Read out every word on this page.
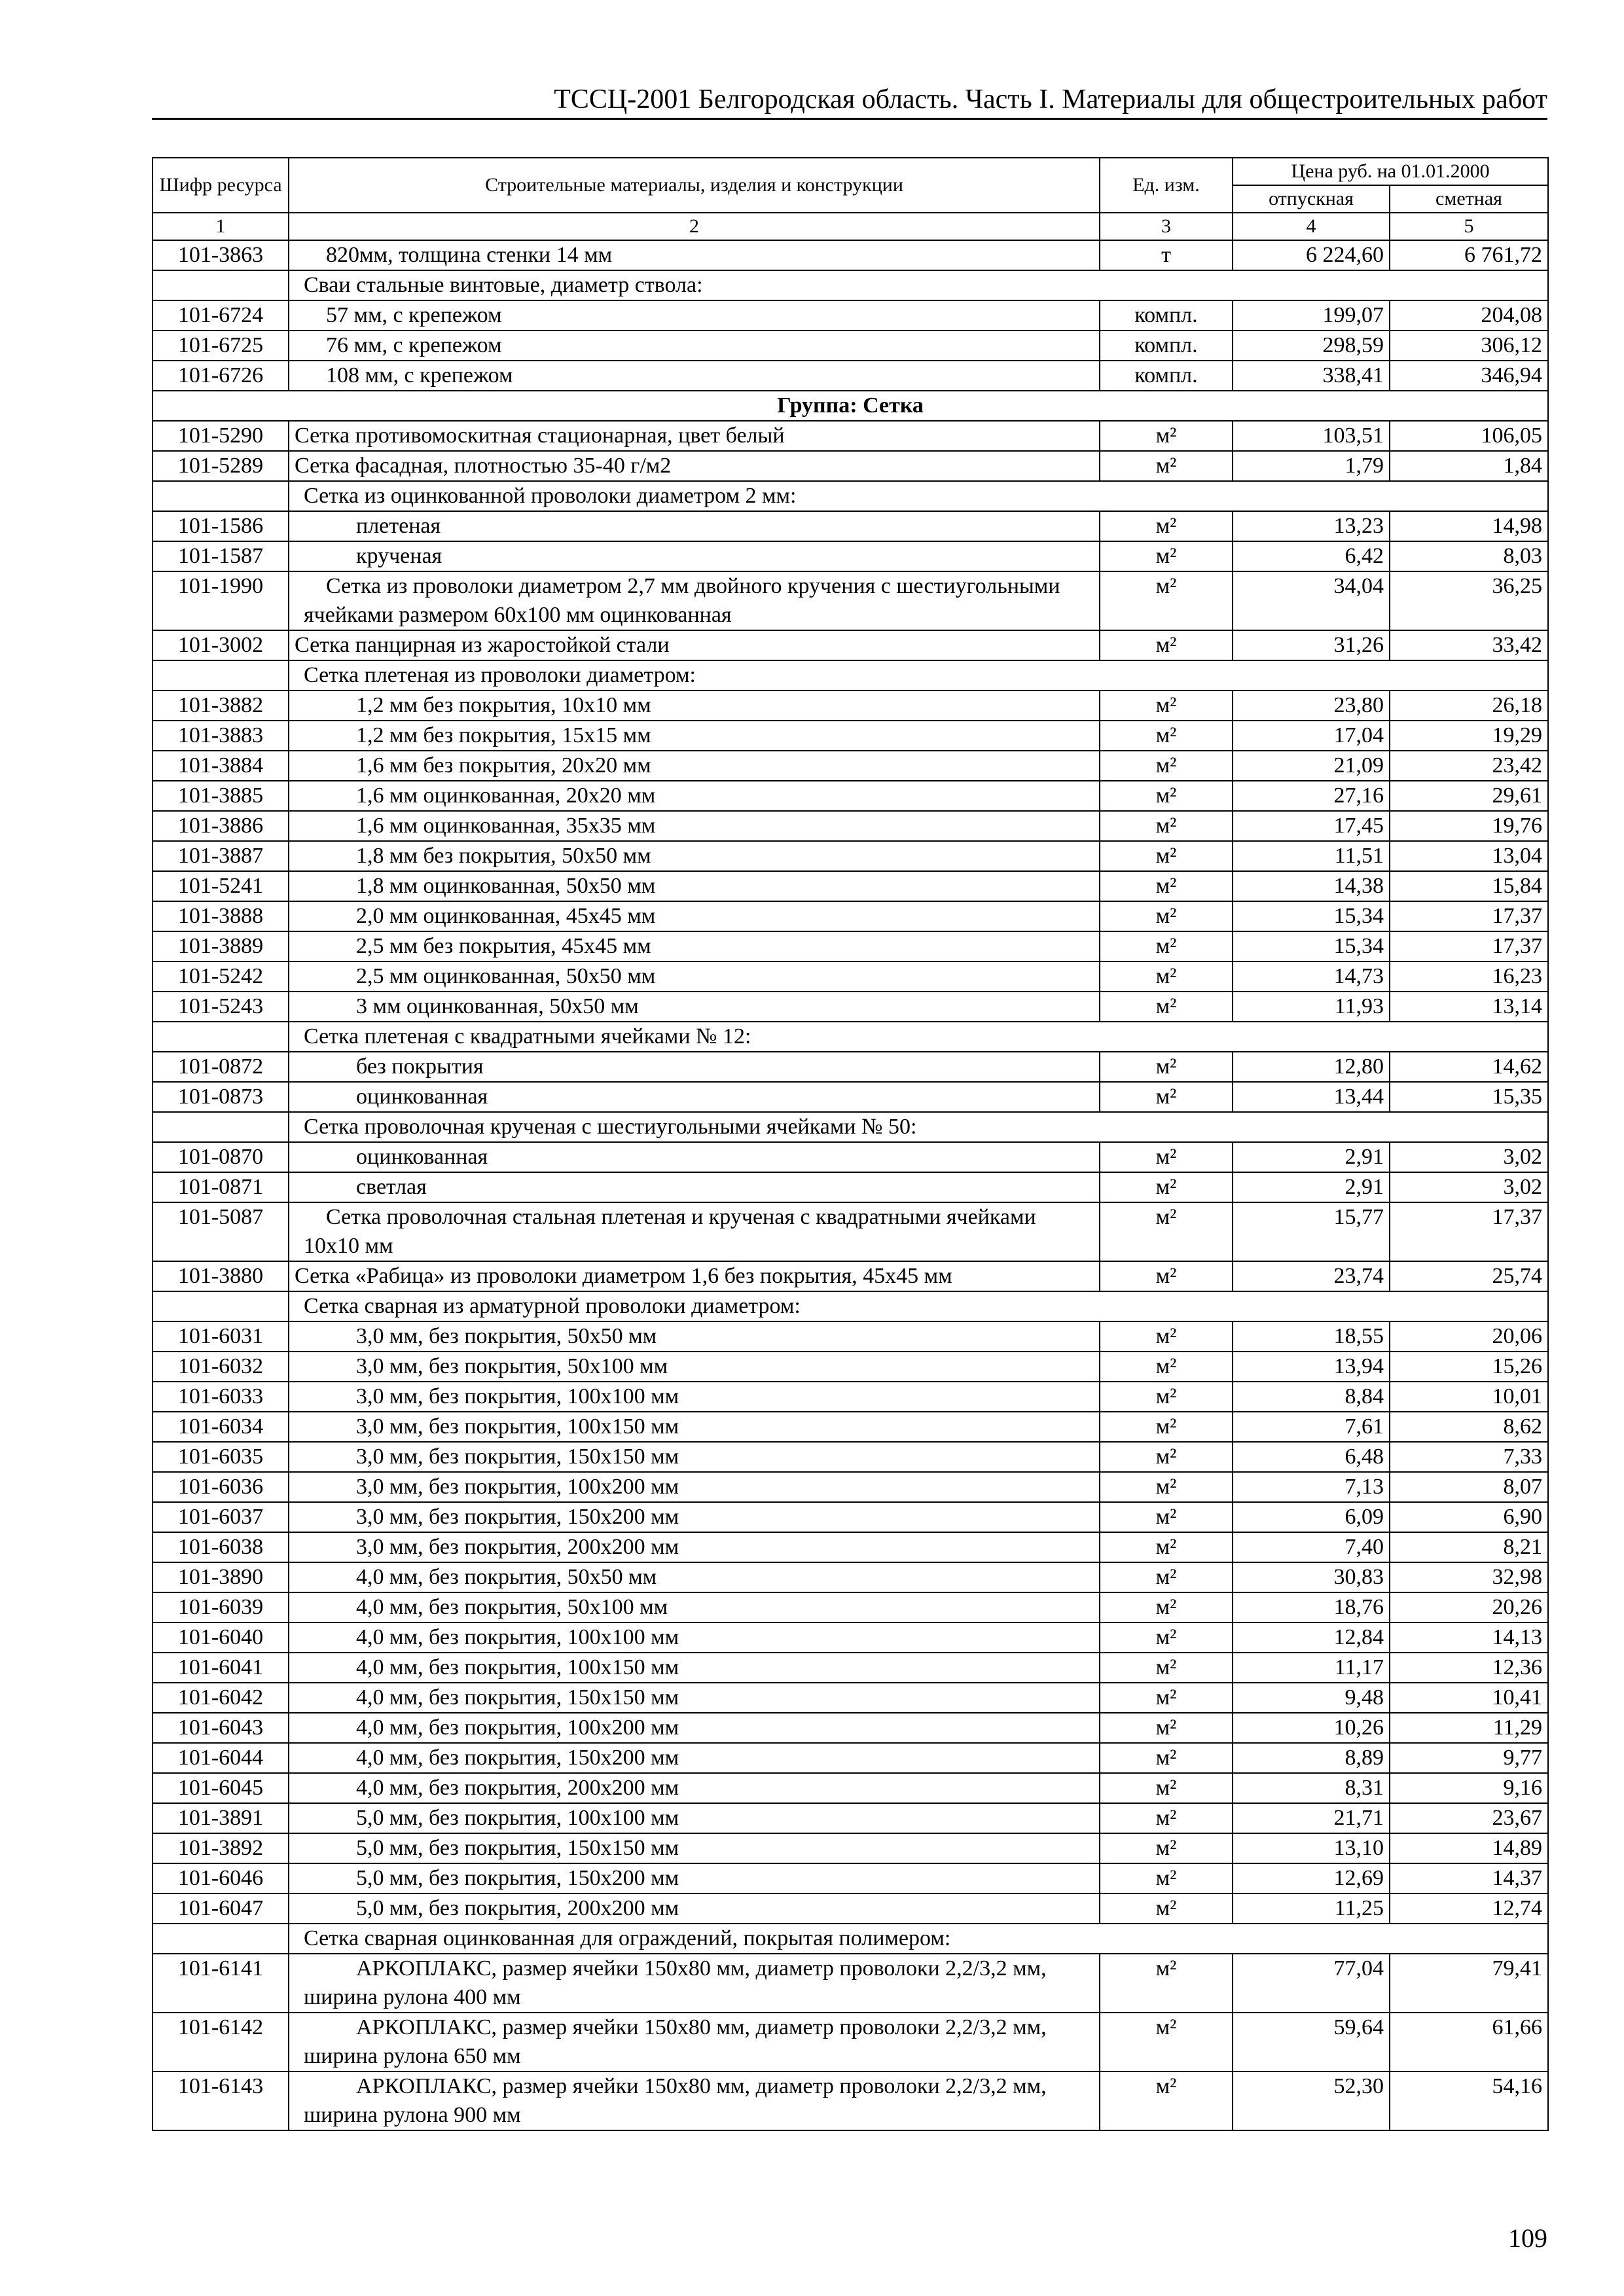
ТССЦ-2001 Белгородская область. Часть I. Материалы для общестроительных работ
Шифр ресурса	Строительные материалы, изделия и конструкции	Ед. изм.	Цена руб. на 01.01.2000	
			отпускная	сметная
1	2	3	4	5
101-3863	820мм, толщина стенки 14 мм	т	6 224,60	6 761,72
	Сваи стальные винтовые, диаметр ствола:			
101-6724	57 мм, с крепежом	компл.	199,07	204,08
101-6725	76 мм, с крепежом	компл.	298,59	306,12
101-6726	108 мм, с крепежом	компл.	338,41	346,94
Группа: Сетка				
101-5290	Сетка противомоскитная стационарная, цвет белый	м²	103,51	106,05
101-5289	Сетка фасадная, плотностью 35-40 г/м2	м²	1,79	1,84
	Сетка из оцинкованной проволоки диаметром 2 мм:			
101-1586	плетеная	м²	13,23	14,98
101-1587	крученая	м²	6,42	8,03
101-1990	Сетка из проволоки диаметром 2,7 мм двойного кручения с шестиугольными ячейками размером 60х100 мм оцинкованная	м²	34,04	36,25
101-3002	Сетка панцирная из жаростойкой стали	м²	31,26	33,42
	Сетка плетеная из проволоки диаметром:			
101-3882	1,2 мм без покрытия, 10х10 мм	м²	23,80	26,18
101-3883	1,2 мм без покрытия, 15х15 мм	м²	17,04	19,29
101-3884	1,6 мм без покрытия, 20х20 мм	м²	21,09	23,42
101-3885	1,6 мм оцинкованная, 20х20 мм	м²	27,16	29,61
101-3886	1,6 мм оцинкованная, 35х35 мм	м²	17,45	19,76
101-3887	1,8 мм без покрытия, 50х50 мм	м²	11,51	13,04
101-5241	1,8 мм оцинкованная, 50х50 мм	м²	14,38	15,84
101-3888	2,0 мм оцинкованная, 45х45 мм	м²	15,34	17,37
101-3889	2,5 мм без покрытия, 45х45 мм	м²	15,34	17,37
101-5242	2,5 мм оцинкованная, 50х50 мм	м²	14,73	16,23
101-5243	3 мм оцинкованная, 50х50 мм	м²	11,93	13,14
	Сетка плетеная с квадратными ячейками № 12:			
101-0872	без покрытия	м²	12,80	14,62
101-0873	оцинкованная	м²	13,44	15,35
	Сетка проволочная крученая с шестиугольными ячейками № 50:			
101-0870	оцинкованная	м²	2,91	3,02
101-0871	светлая	м²	2,91	3,02
101-5087	Сетка проволочная стальная плетеная и крученая с квадратными ячейками 10х10 мм	м²	15,77	17,37
101-3880	Сетка «Рабица» из проволоки диаметром 1,6 без покрытия, 45х45 мм	м²	23,74	25,74
	Сетка сварная из арматурной проволоки диаметром:			
101-6031	3,0 мм, без покрытия, 50х50 мм	м²	18,55	20,06
101-6032	3,0 мм, без покрытия, 50х100 мм	м²	13,94	15,26
101-6033	3,0 мм, без покрытия, 100х100 мм	м²	8,84	10,01
101-6034	3,0 мм, без покрытия, 100х150 мм	м²	7,61	8,62
101-6035	3,0 мм, без покрытия, 150х150 мм	м²	6,48	7,33
101-6036	3,0 мм, без покрытия, 100х200 мм	м²	7,13	8,07
101-6037	3,0 мм, без покрытия, 150х200 мм	м²	6,09	6,90
101-6038	3,0 мм, без покрытия, 200х200 мм	м²	7,40	8,21
101-3890	4,0 мм, без покрытия, 50х50 мм	м²	30,83	32,98
101-6039	4,0 мм, без покрытия, 50х100 мм	м²	18,76	20,26
101-6040	4,0 мм, без покрытия, 100х100 мм	м²	12,84	14,13
101-6041	4,0 мм, без покрытия, 100х150 мм	м²	11,17	12,36
101-6042	4,0 мм, без покрытия, 150х150 мм	м²	9,48	10,41
101-6043	4,0 мм, без покрытия, 100х200 мм	м²	10,26	11,29
101-6044	4,0 мм, без покрытия, 150х200 мм	м²	8,89	9,77
101-6045	4,0 мм, без покрытия, 200х200 мм	м²	8,31	9,16
101-3891	5,0 мм, без покрытия, 100х100 мм	м²	21,71	23,67
101-3892	5,0 мм, без покрытия, 150х150 мм	м²	13,10	14,89
101-6046	5,0 мм, без покрытия, 150х200 мм	м²	12,69	14,37
101-6047	5,0 мм, без покрытия, 200х200 мм	м²	11,25	12,74
	Сетка сварная оцинкованная для ограждений, покрытая полимером:			
101-6141	АРКОПЛАКС, размер ячейки 150х80 мм, диаметр проволоки 2,2/3,2 мм, ширина рулона 400 мм	м²	77,04	79,41
101-6142	АРКОПЛАКС, размер ячейки 150х80 мм, диаметр проволоки 2,2/3,2 мм, ширина рулона 650 мм	м²	59,64	61,66
101-6143	АРКОПЛАКС, размер ячейки 150х80 мм, диаметр проволоки 2,2/3,2 мм, ширина рулона 900 мм	м²	52,30	54,16
109
